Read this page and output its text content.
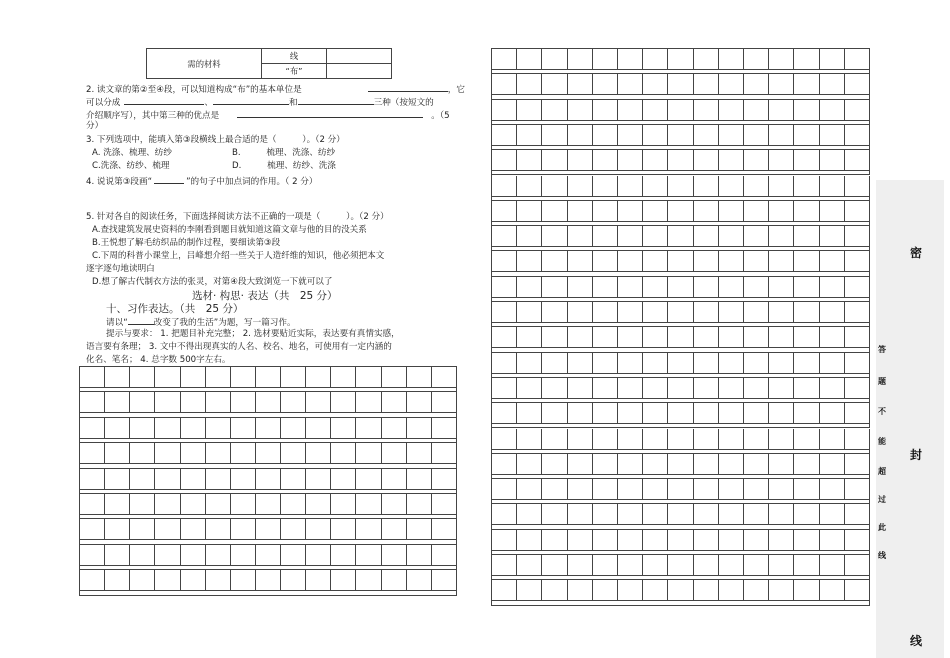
需的材料	线	
	“布”	
2. 读文章的第②至④段，可以知道构成“布”的基本单位是	，它
可以分成	、	和	三种（按短文的
介绍顺序写），其中第三种的优点是	。（5
分）
3. 下列选项中，能填入第③段横线上最合适的是（　　　）。（2 分）
A. 洗涤、梳理、纺纱	B.　　　梳理、洗涤、纺纱
C.洗涤、纺纱、梳理	D.　　　梳理、纺纱、洗涤
4. 说说第③段画“	”的句子中加点词的作用。（ 2 分）
5. 针对各自的阅读任务，下面选择阅读方法不正确的一项是（　　　）。（2 分）
A.查找建筑发展史资料的李刚看到题目就知道这篇文章与他的目的没关系
B.王悦想了解毛纺织品的制作过程，要细读第③段
C.下周的科普小课堂上，吕峰想介绍一些关于人造纤维的知识，他必须把本文
逐字逐句地读明白
D.想了解古代制衣方法的张灵，对第④段大致浏览一下就可以了
选材· 构思· 表达（共　25 分）
十、习作表达。（共　25 分）
请以“	改变了我的生活”为题，写一篇习作。
提示与要求： 1. 把题目补充完整； 2. 选材要贴近实际，表达要有真情实感，
语言要有条理； 3. 文中不得出现真实的人名、校名、地名，可使用有一定内涵的
化名、笔名； 4. 总字数 500字左右。
密
封
线
答
题
不
能
超
过
此
线
